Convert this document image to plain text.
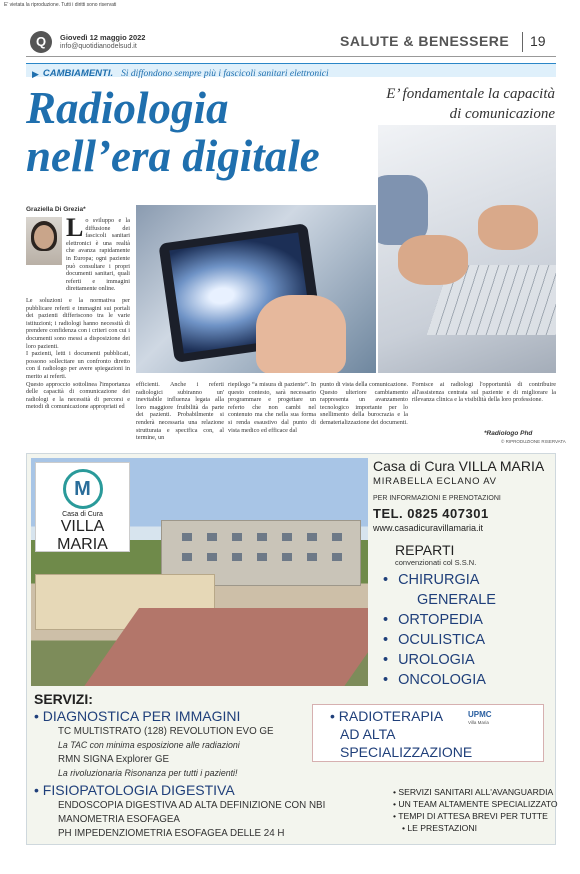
E' vietata la riproduzione. Tutti i diritti sono riservati
Q	Giovedì 12 maggio 2022
info@quotidianodelsud.it	SALUTE & BENESSERE 19
▶ CAMBIAMENTI. Si diffondono sempre più i fascicoli sanitari elettronici
Radiologia
nell’era digitale
E’ fondamentale la capacità
di comunicazione
Graziella Di Grezia*
Lo sviluppo e la diffusione dei fascicoli sanitari elettronici è una realtà che avanza rapidamente in Europa; ogni paziente può consultare i propri documenti sanitari, quali referti e immagini direttamente online.

Le soluzioni e la normativa per pubblicare referti e immagini sui portali dei pazienti differiscono tra le varie istituzioni; i radiologi hanno necessità di prendere confidenza con i criteri con cui i documenti sono messi a disposizione dei loro pazienti.

I pazienti, letti i documenti pubblicati, possono sollecitare un confronto diretto con il radiologo per avere spiegazioni in merito ai referti.

Questo approccio sottolinea l'importanza delle capacità di comunicazione dei radiologi e la necessità di percorsi e metodi di comunicazione appropriati ed

efficienti. Anche i referti radiologici subiranno un' inevitabile influenza legata alla loro maggiore fruibilità da parte dei pazienti. Probabilmente si renderà necessaria una relazione strutturata e specifica con, al termine, un
riepilogo “a misura di paziente”. In questo contesto, sarà necessario programmare e progettare un referto che non cambi nel contenuto ma che nella sua forma si renda esaustivo dal punto di vista medico ed efficace dal
punto di vista della comunicazione. Questo ulteriore cambiamento rappresenta un avanzamento tecnologico importante per lo snellimento della burocrazia e la dematerializzazione dei documenti.
Fornisce ai radiologi l'opportunità di contribuire all'assistenza centrata sul paziente e di migliorare la rilevanza clinica e la visibilità della loro professione.
*Radiologo Phd
© RIPRODUZIONE RISERVATA
M
Casa di Cura
VILLA MARIA
Casa di Cura VILLA MARIA
MIRABELLA ECLANO AV
PER INFORMAZIONI E PRENOTAZIONI
TEL. 0825 407301
www.casadicuravillamaria.it
REPARTI
convenzionati col S.S.N.
• CHIRURGIA
GENERALE
• ORTOPEDIA
• OCULISTICA
• UROLOGIA
• ONCOLOGIA
SERVIZI:
• DIAGNOSTICA PER IMMAGINI
TC MULTISTRATO (128) REVOLUTION EVO GE
La TAC con minima esposizione alle radiazioni
RMN SIGNA Explorer GE
La rivoluzionaria Risonanza per tutti i pazienti!
• FISIOPATOLOGIA DIGESTIVA
ENDOSCOPIA DIGESTIVA AD ALTA DEFINIZIONE CON NBI
MANOMETRIA ESOFAGEA
PH IMPEDENZIOMETRIA ESOFAGEA DELLE 24 H
• RADIOTERAPIA
AD ALTA
SPECIALIZZAZIONE
UPMC
Villa Maria
• SERVIZI SANITARI ALL'AVANGUARDIA
• UN TEAM ALTAMENTE SPECIALIZZATO
• TEMPI DI ATTESA BREVI PER TUTTE
• LE PRESTAZIONI
